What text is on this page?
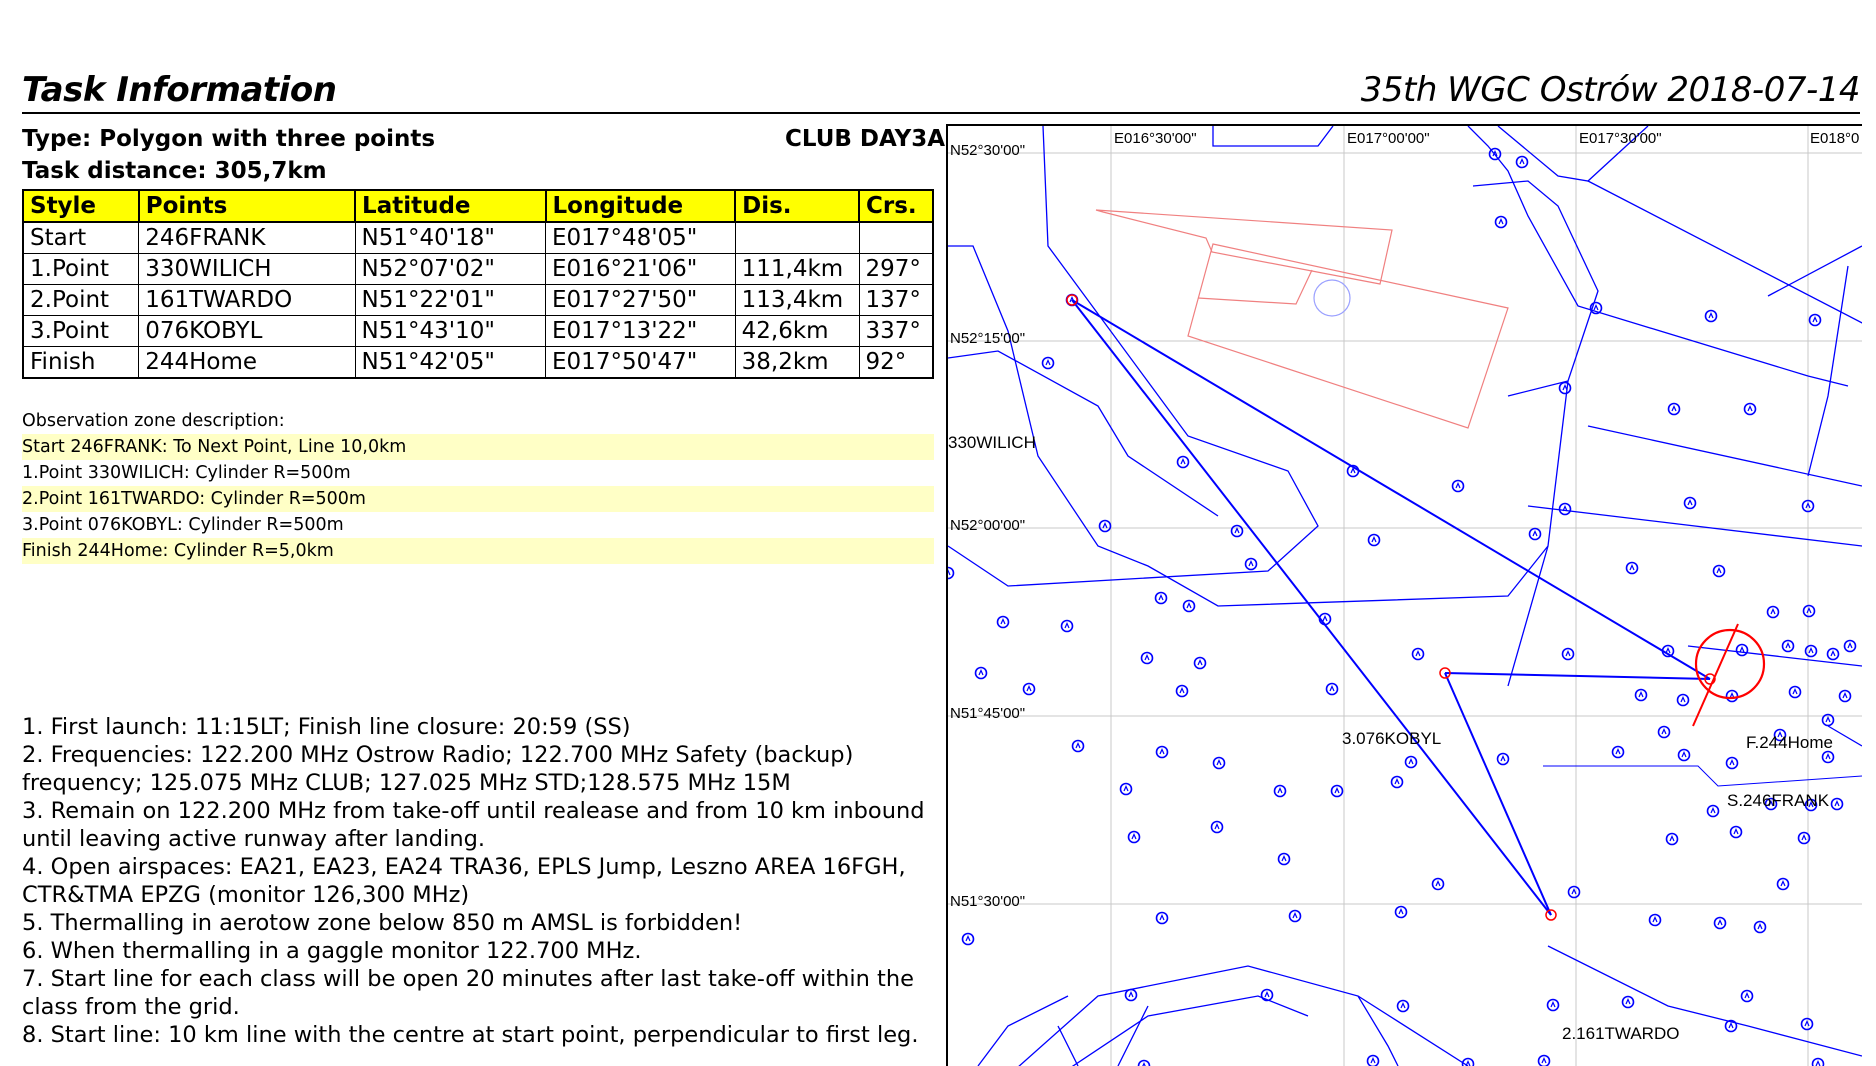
Task Information	35th WGC Ostrów 2018-07-14
Type: Polygon with three points
Task distance: 305,7km
CLUB DAY3A
Style	Points	Latitude	Longitude	Dis.	Crs.
Start	246FRANK	N51°40'18"	E017°48'05"		
1.Point	330WILICH	N52°07'02"	E016°21'06"	111,4km	297°
2.Point	161TWARDO	N51°22'01"	E017°27'50"	113,4km	137°
3.Point	076KOBYL	N51°43'10"	E017°13'22"	42,6km	337°
Finish	244Home	N51°42'05"	E017°50'47"	38,2km	92°
Observation zone description:
Start 246FRANK: To Next Point, Line 10,0km
1.Point 330WILICH: Cylinder R=500m
2.Point 161TWARDO: Cylinder R=500m
3.Point 076KOBYL: Cylinder R=500m
Finish 244Home: Cylinder R=5,0km

1. First launch: 11:15LT; Finish line closure: 20:59 (SS)

2. Frequencies: 122.200 MHz Ostrow Radio; 122.700 MHz Safety (backup) frequency; 125.075 MHz CLUB; 127.025 MHz STD;128.575 MHz 15M

3. Remain on 122.200 MHz from take-off until realease and from 10 km inbound until leaving active runway after landing.

4. Open airspaces: EA21, EA23, EA24 TRA36, EPLS Jump, Leszno AREA 16FGH, CTR&TMA EPZG (monitor 126,300 MHz)

5. Thermalling in aerotow zone below 850 m AMSL is forbidden!

6. When thermalling in a gaggle monitor 122.700 MHz.

7. Start line for each class will be open 20 minutes after last take-off within the class from the grid.

8. Start line: 10 km line with the centre at start point, perpendicular to first leg.

E016°30'00"	E017°00'00"	E017°30'00"	E018°0
N52°30'00"
N52°15'00"
N52°00'00"
N51°45'00"
N51°30'00"
330WILICH
2.161TWARDO
3.076KOBYL	F.244Home
S.246FRANK
